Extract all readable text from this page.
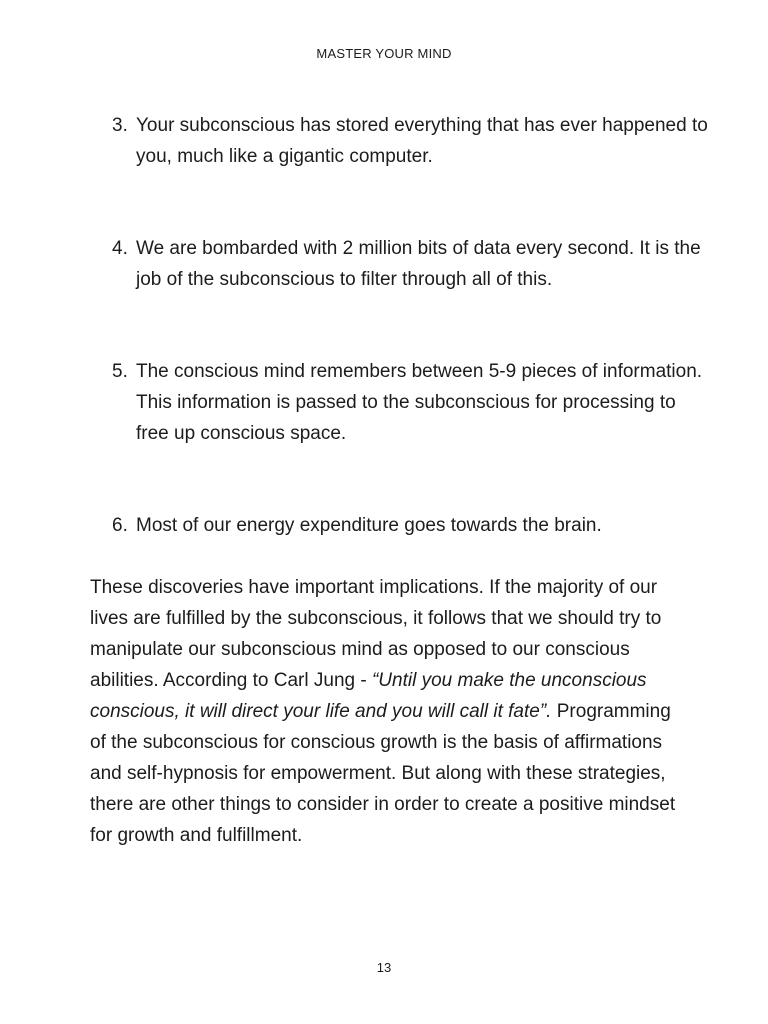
MASTER YOUR MIND
3. Your subconscious has stored everything that has ever happened to you, much like a gigantic computer.
4. We are bombarded with 2 million bits of data every second. It is the job of the subconscious to filter through all of this.
5. The conscious mind remembers between 5-9 pieces of information. This information is passed to the subconscious for processing to free up conscious space.
6. Most of our energy expenditure goes towards the brain.

These discoveries have important implications. If the majority of our lives are fulfilled by the subconscious, it follows that we should try to manipulate our subconscious mind as opposed to our conscious abilities. According to Carl Jung - “Until you make the unconscious conscious, it will direct your life and you will call it fate”. Programming of the subconscious for conscious growth is the basis of affirmations and self-hypnosis for empowerment. But along with these strategies, there are other things to consider in order to create a positive mindset for growth and fulfillment.

13
